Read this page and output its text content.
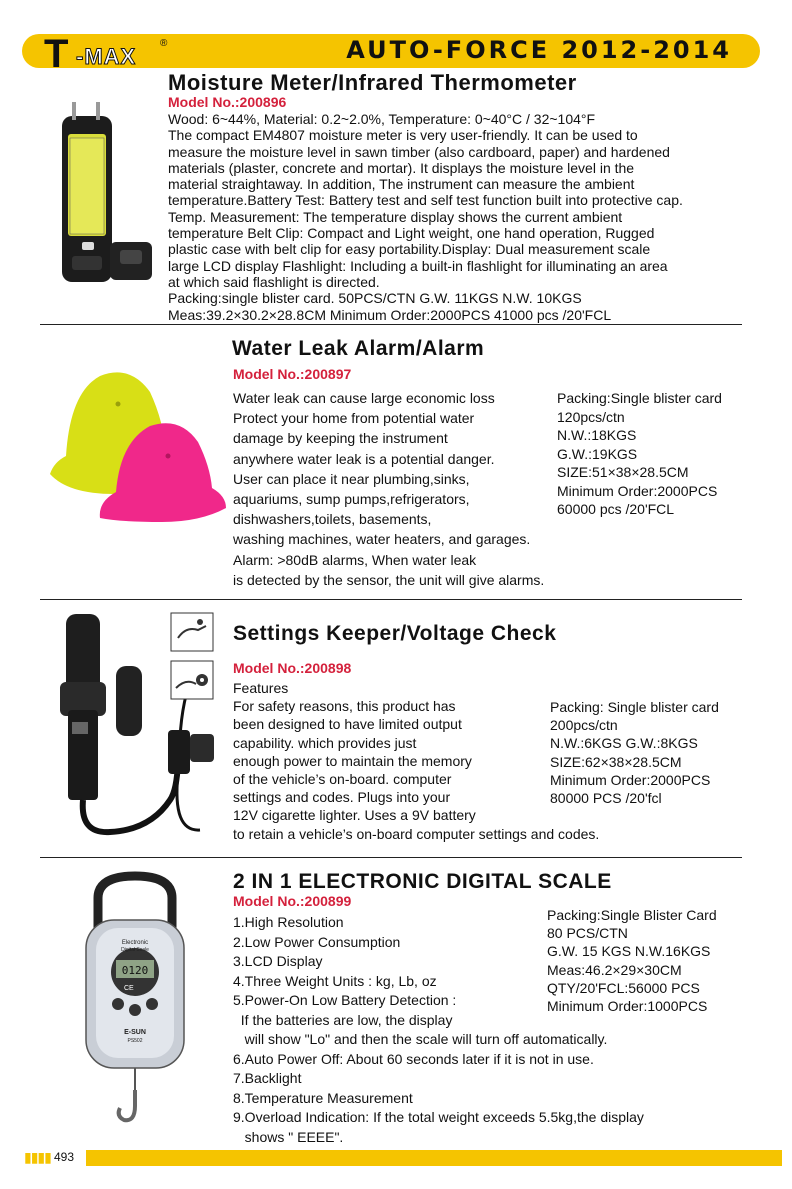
T -MAX
®	AUTO-FORCE 2012-2014
Moisture Meter/Infrared Thermometer
Model No.:200896
Wood: 6~44%, Material: 0.2~2.0%, Temperature: 0~40°C / 32~104°F
The compact EM4807 moisture meter is very user-friendly. It can be used to
measure the moisture level in sawn timber (also cardboard, paper) and hardened
materials (plaster, concrete and mortar). It displays the moisture level in the
material straightaway. In addition, The instrument can measure the ambient
temperature.Battery Test: Battery test and self test function built into protective cap.
Temp. Measurement: The temperature display shows the current ambient
temperature Belt Clip: Compact and Light weight, one hand operation, Rugged
plastic case with belt clip for easy portability.Display: Dual measurement scale
large LCD display Flashlight: Including a built-in flashlight for illuminating an area
at which said flashlight is directed.
Packing:single blister card. 50PCS/CTN G.W. 11KGS N.W. 10KGS
Meas:39.2×30.2×28.8CM Minimum Order:2000PCS 41000 pcs /20'FCL
Water Leak Alarm/Alarm
Model No.:200897
Water leak can cause large economic loss
Protect your home from potential water
damage by keeping the instrument
anywhere water leak is a potential danger.
User can place it near plumbing,sinks,
aquariums, sump pumps,refrigerators,
dishwashers,toilets, basements,
washing machines, water heaters, and garages.
Alarm: >80dB alarms, When water leak
is detected by the sensor, the unit will give alarms.
Packing:Single blister card
120pcs/ctn
N.W.:18KGS
G.W.:19KGS
SIZE:51×38×28.5CM
Minimum Order:2000PCS
60000 pcs /20'FCL
Settings Keeper/Voltage Check
Model No.:200898
Features
For safety reasons, this product has
been designed to have limited output
capability. which provides just
enough power to maintain the memory
of the vehicle’s on-board. computer
settings and codes. Plugs into your
12V cigarette lighter. Uses a 9V battery
to retain a vehicle’s on-board computer settings and codes.
Packing: Single blister card
200pcs/ctn
N.W.:6KGS G.W.:8KGS
SIZE:62×38×28.5CM
Minimum Order:2000PCS
80000 PCS /20'fcl
Electronic
Digital Scale
0120
CE
E-SUN
PS502
2 IN 1 ELECTRONIC DIGITAL SCALE
Model No.:200899
1.High Resolution
2.Low Power Consumption
3.LCD Display
4.Three Weight Units : kg, Lb, oz
5.Power-On Low Battery Detection :
If the batteries are low, the display
will show "Lo" and then the scale will turn off automatically.
6.Auto Power Off: About 60 seconds later if it is not in use.
7.Backlight
8.Temperature Measurement
9.Overload Indication: If the total weight exceeds 5.5kg,the display
shows " EEEE".
Packing:Single Blister Card
80 PCS/CTN
G.W. 15 KGS N.W.16KGS
Meas:46.2×29×30CM
QTY/20'FCL:56000 PCS
Minimum Order:1000PCS
▮▮▮▮ 493
